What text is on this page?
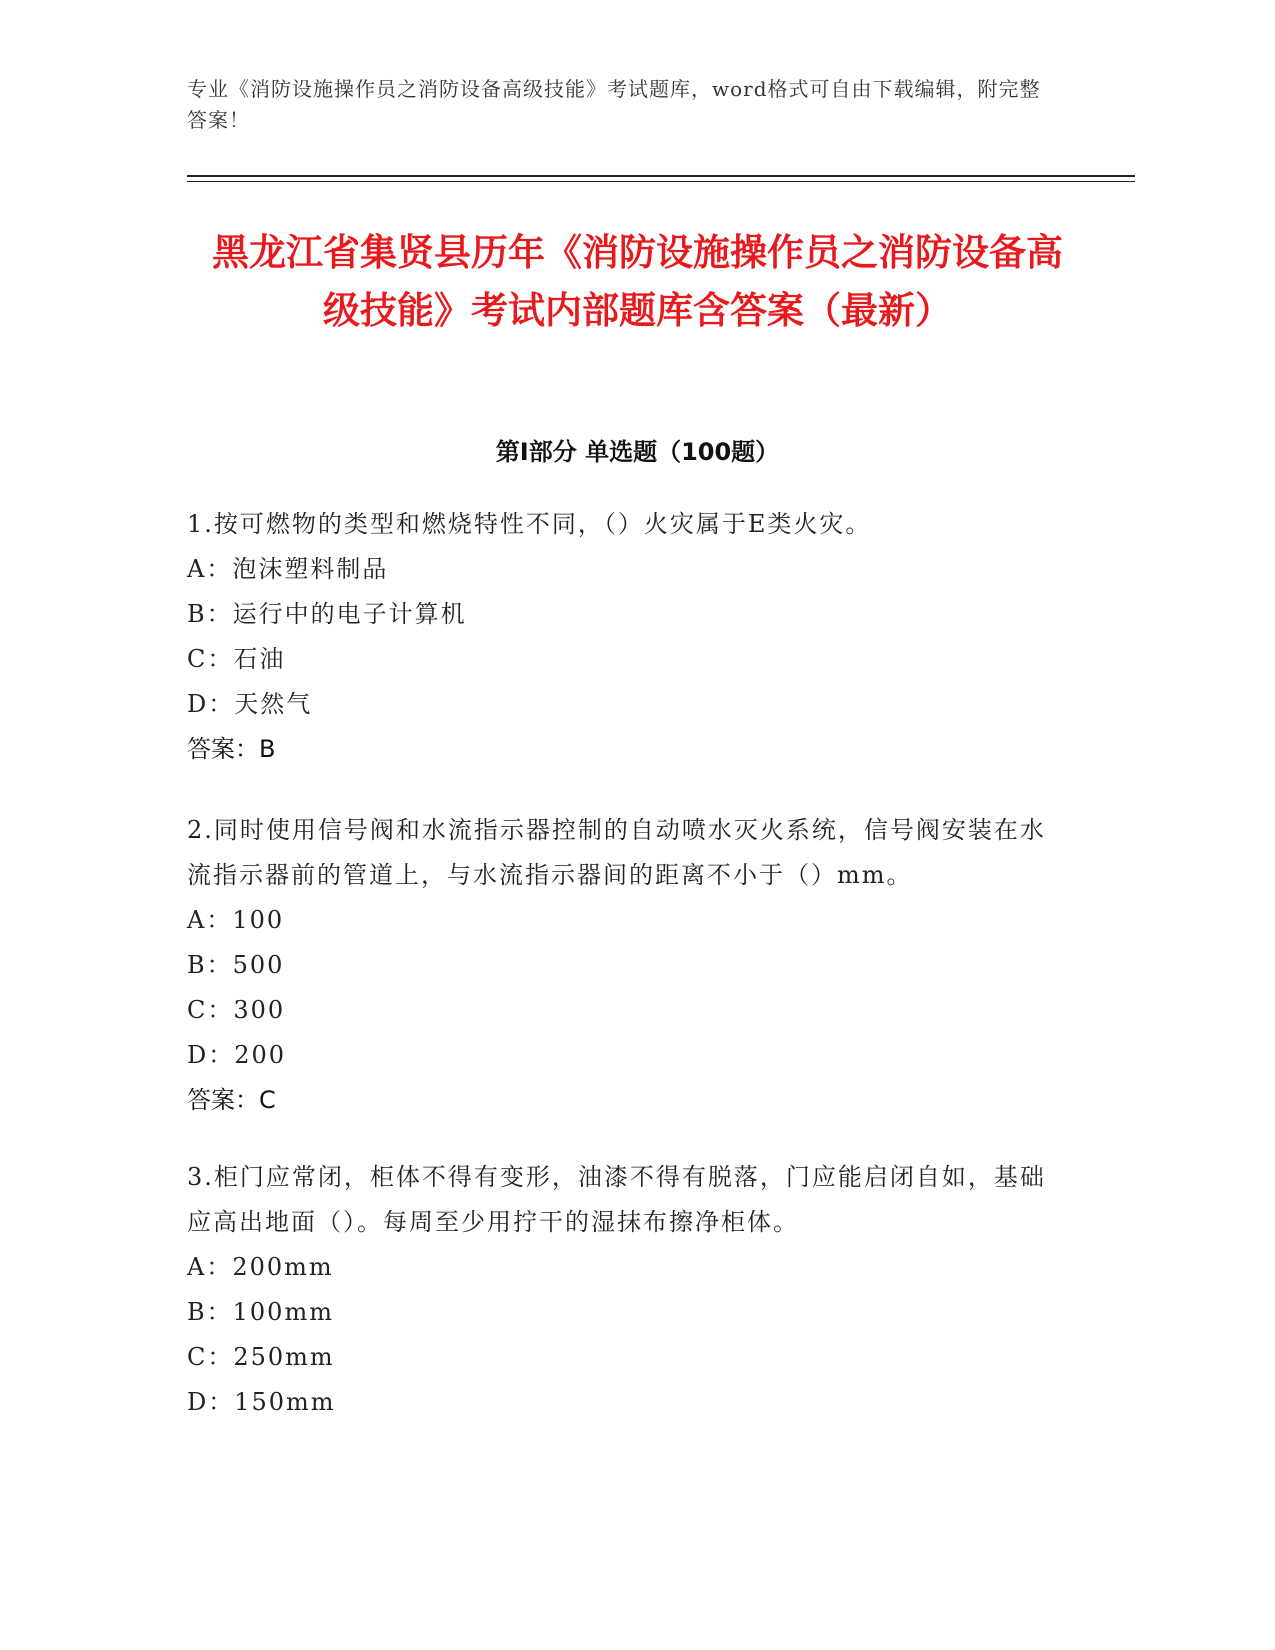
专业《消防设施操作员之消防设备高级技能》考试题库，word格式可自由下载编辑，附完整答案！

黑龙江省集贤县历年《消防设施操作员之消防设备高级技能》考试内部题库含答案（最新）
第Ⅰ部分 单选题（100题）

1.按可燃物的类型和燃烧特性不同，（）火灾属于E类火灾。

A：泡沫塑料制品

B：运行中的电子计算机

C：石油

D：天然气

答案：B

2.同时使用信号阀和水流指示器控制的自动喷水灭火系统，信号阀安装在水流指示器前的管道上，与水流指示器间的距离不小于（）mm。

A：100

B：500

C：300

D：200

答案：C

3.柜门应常闭，柜体不得有变形，油漆不得有脱落，门应能启闭自如，基础应高出地面（）。每周至少用拧干的湿抹布擦净柜体。

A：200mm

B：100mm

C：250mm

D：150mm
